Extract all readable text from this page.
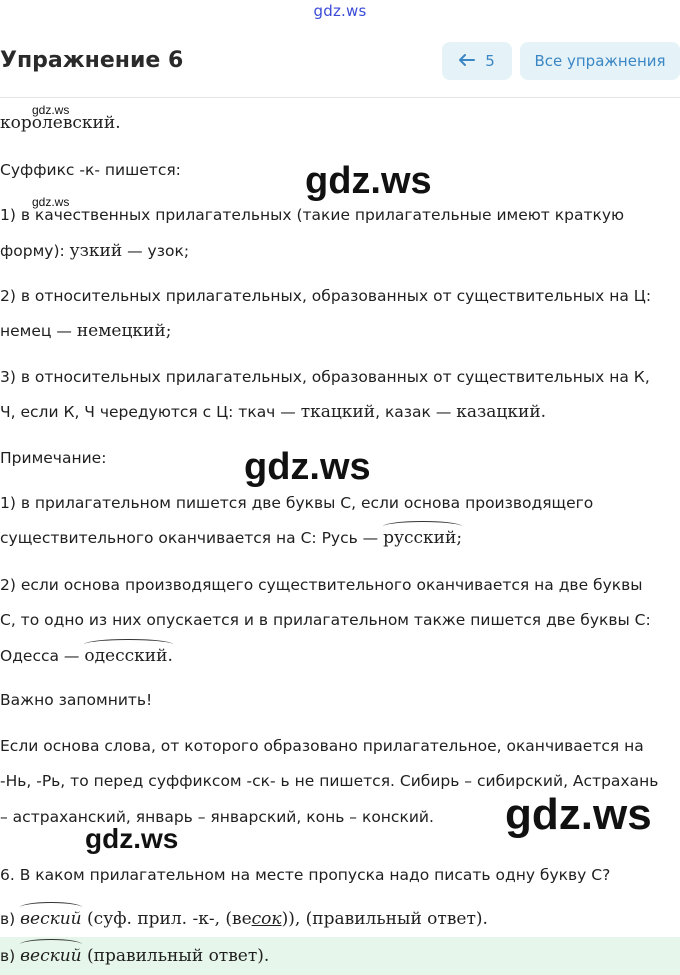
gdz.ws
Упражнение 6	5	Все упражнения
королевский.
Суффикс -к- пишется:
1) в качественных прилагательных (такие прилагательные имеют краткую
форму): узкий — узок;
2) в относительных прилагательных, образованных от существительных на Ц:
немец — немецкий;
3) в относительных прилагательных, образованных от существительных на К,
Ч, если К, Ч чередуются с Ц: ткач — ткацкий, казак — казацкий.
Примечание:
1) в прилагательном пишется две буквы С, если основа производящего
существительного оканчивается на С: Русь — русский;
2) если основа производящего существительного оканчивается на две буквы
С, то одно из них опускается и в прилагательном также пишется две буквы С:
Одесса — одесский.
Важно запомнить!
Если основа слова, от которого образовано прилагательное, оканчивается на
-Нь, -Рь, то перед суффиксом -ск- ь не пишется. Сибирь – сибирский, Астрахань
– астраханский, январь – январский, конь – конский.
6. В каком прилагательном на месте пропуска надо писать одну букву С?
в) веский (суф. прил. -к-, (весок)), (правильный ответ).
в) веский (правильный ответ).
gdz.ws
gdz.ws	gdz.ws
gdz.ws
gdz.ws
gdz.ws
